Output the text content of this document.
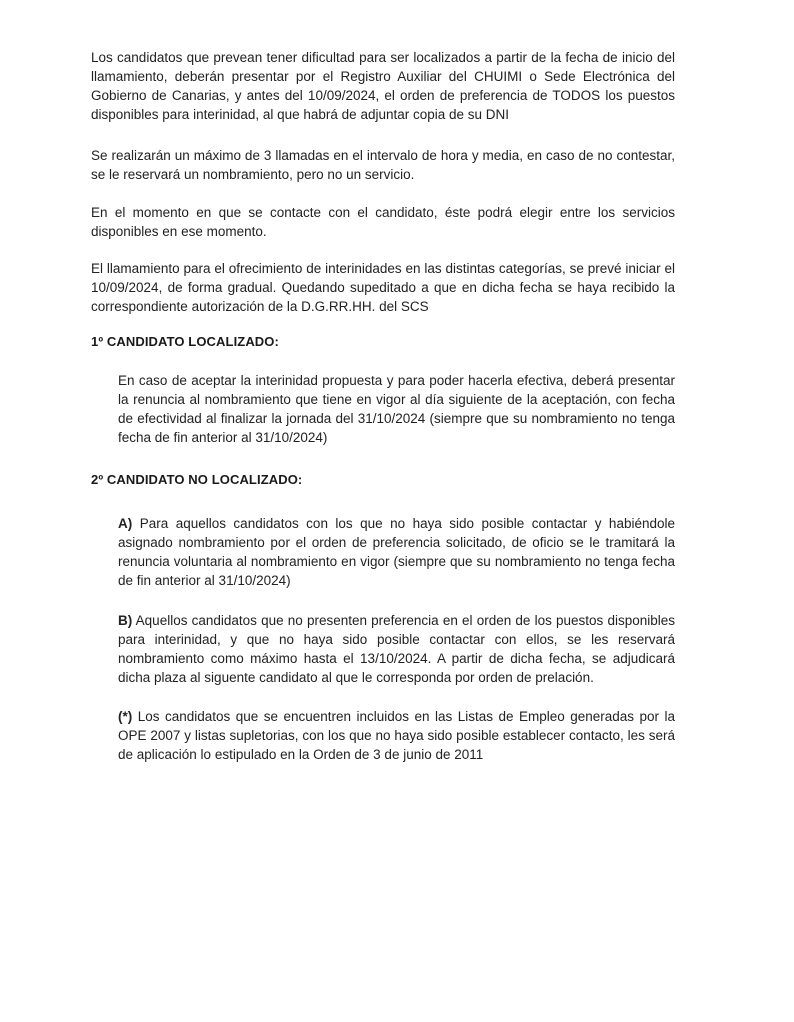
Los candidatos que prevean tener dificultad para ser localizados a partir de la fecha de inicio del llamamiento, deberán presentar por el Registro Auxiliar del CHUIMI o Sede Electrónica del Gobierno de Canarias, y antes del 10/09/2024, el orden de preferencia de TODOS los puestos disponibles para interinidad, al que habrá de adjuntar copia de su DNI

Se realizarán un máximo de 3 llamadas en el intervalo de hora y media, en caso de no contestar, se le reservará un nombramiento, pero no un servicio.

En el momento en que se contacte con el candidato, éste podrá elegir entre los servicios disponibles en ese momento.

El llamamiento para el ofrecimiento de interinidades en las distintas categorías, se prevé iniciar el 10/09/2024, de forma gradual. Quedando supeditado a que en dicha fecha se haya recibido la correspondiente autorización de la D.G.RR.HH. del SCS

1º CANDIDATO LOCALIZADO:

En caso de aceptar la interinidad propuesta y para poder hacerla efectiva, deberá presentar la renuncia al nombramiento que tiene en vigor al día siguiente de la aceptación, con fecha de efectividad al finalizar la jornada del 31/10/2024 (siempre que su nombramiento no tenga fecha de fin anterior al 31/10/2024)

2º CANDIDATO NO LOCALIZADO:

A) Para aquellos candidatos con los que no haya sido posible contactar y habiéndole asignado nombramiento por el orden de preferencia solicitado, de oficio se le tramitará la renuncia voluntaria al nombramiento en vigor (siempre que su nombramiento no tenga fecha de fin anterior al 31/10/2024)

B) Aquellos candidatos que no presenten preferencia en el orden de los puestos disponibles para interinidad, y que no haya sido posible contactar con ellos, se les reservará nombramiento como máximo hasta el 13/10/2024. A partir de dicha fecha, se adjudicará dicha plaza al siguente candidato al que le corresponda por orden de prelación.

(*) Los candidatos que se encuentren incluidos en las Listas de Empleo generadas por la OPE 2007 y listas supletorias, con los que no haya sido posible establecer contacto, les será de aplicación lo estipulado en la Orden de 3 de junio de 2011
